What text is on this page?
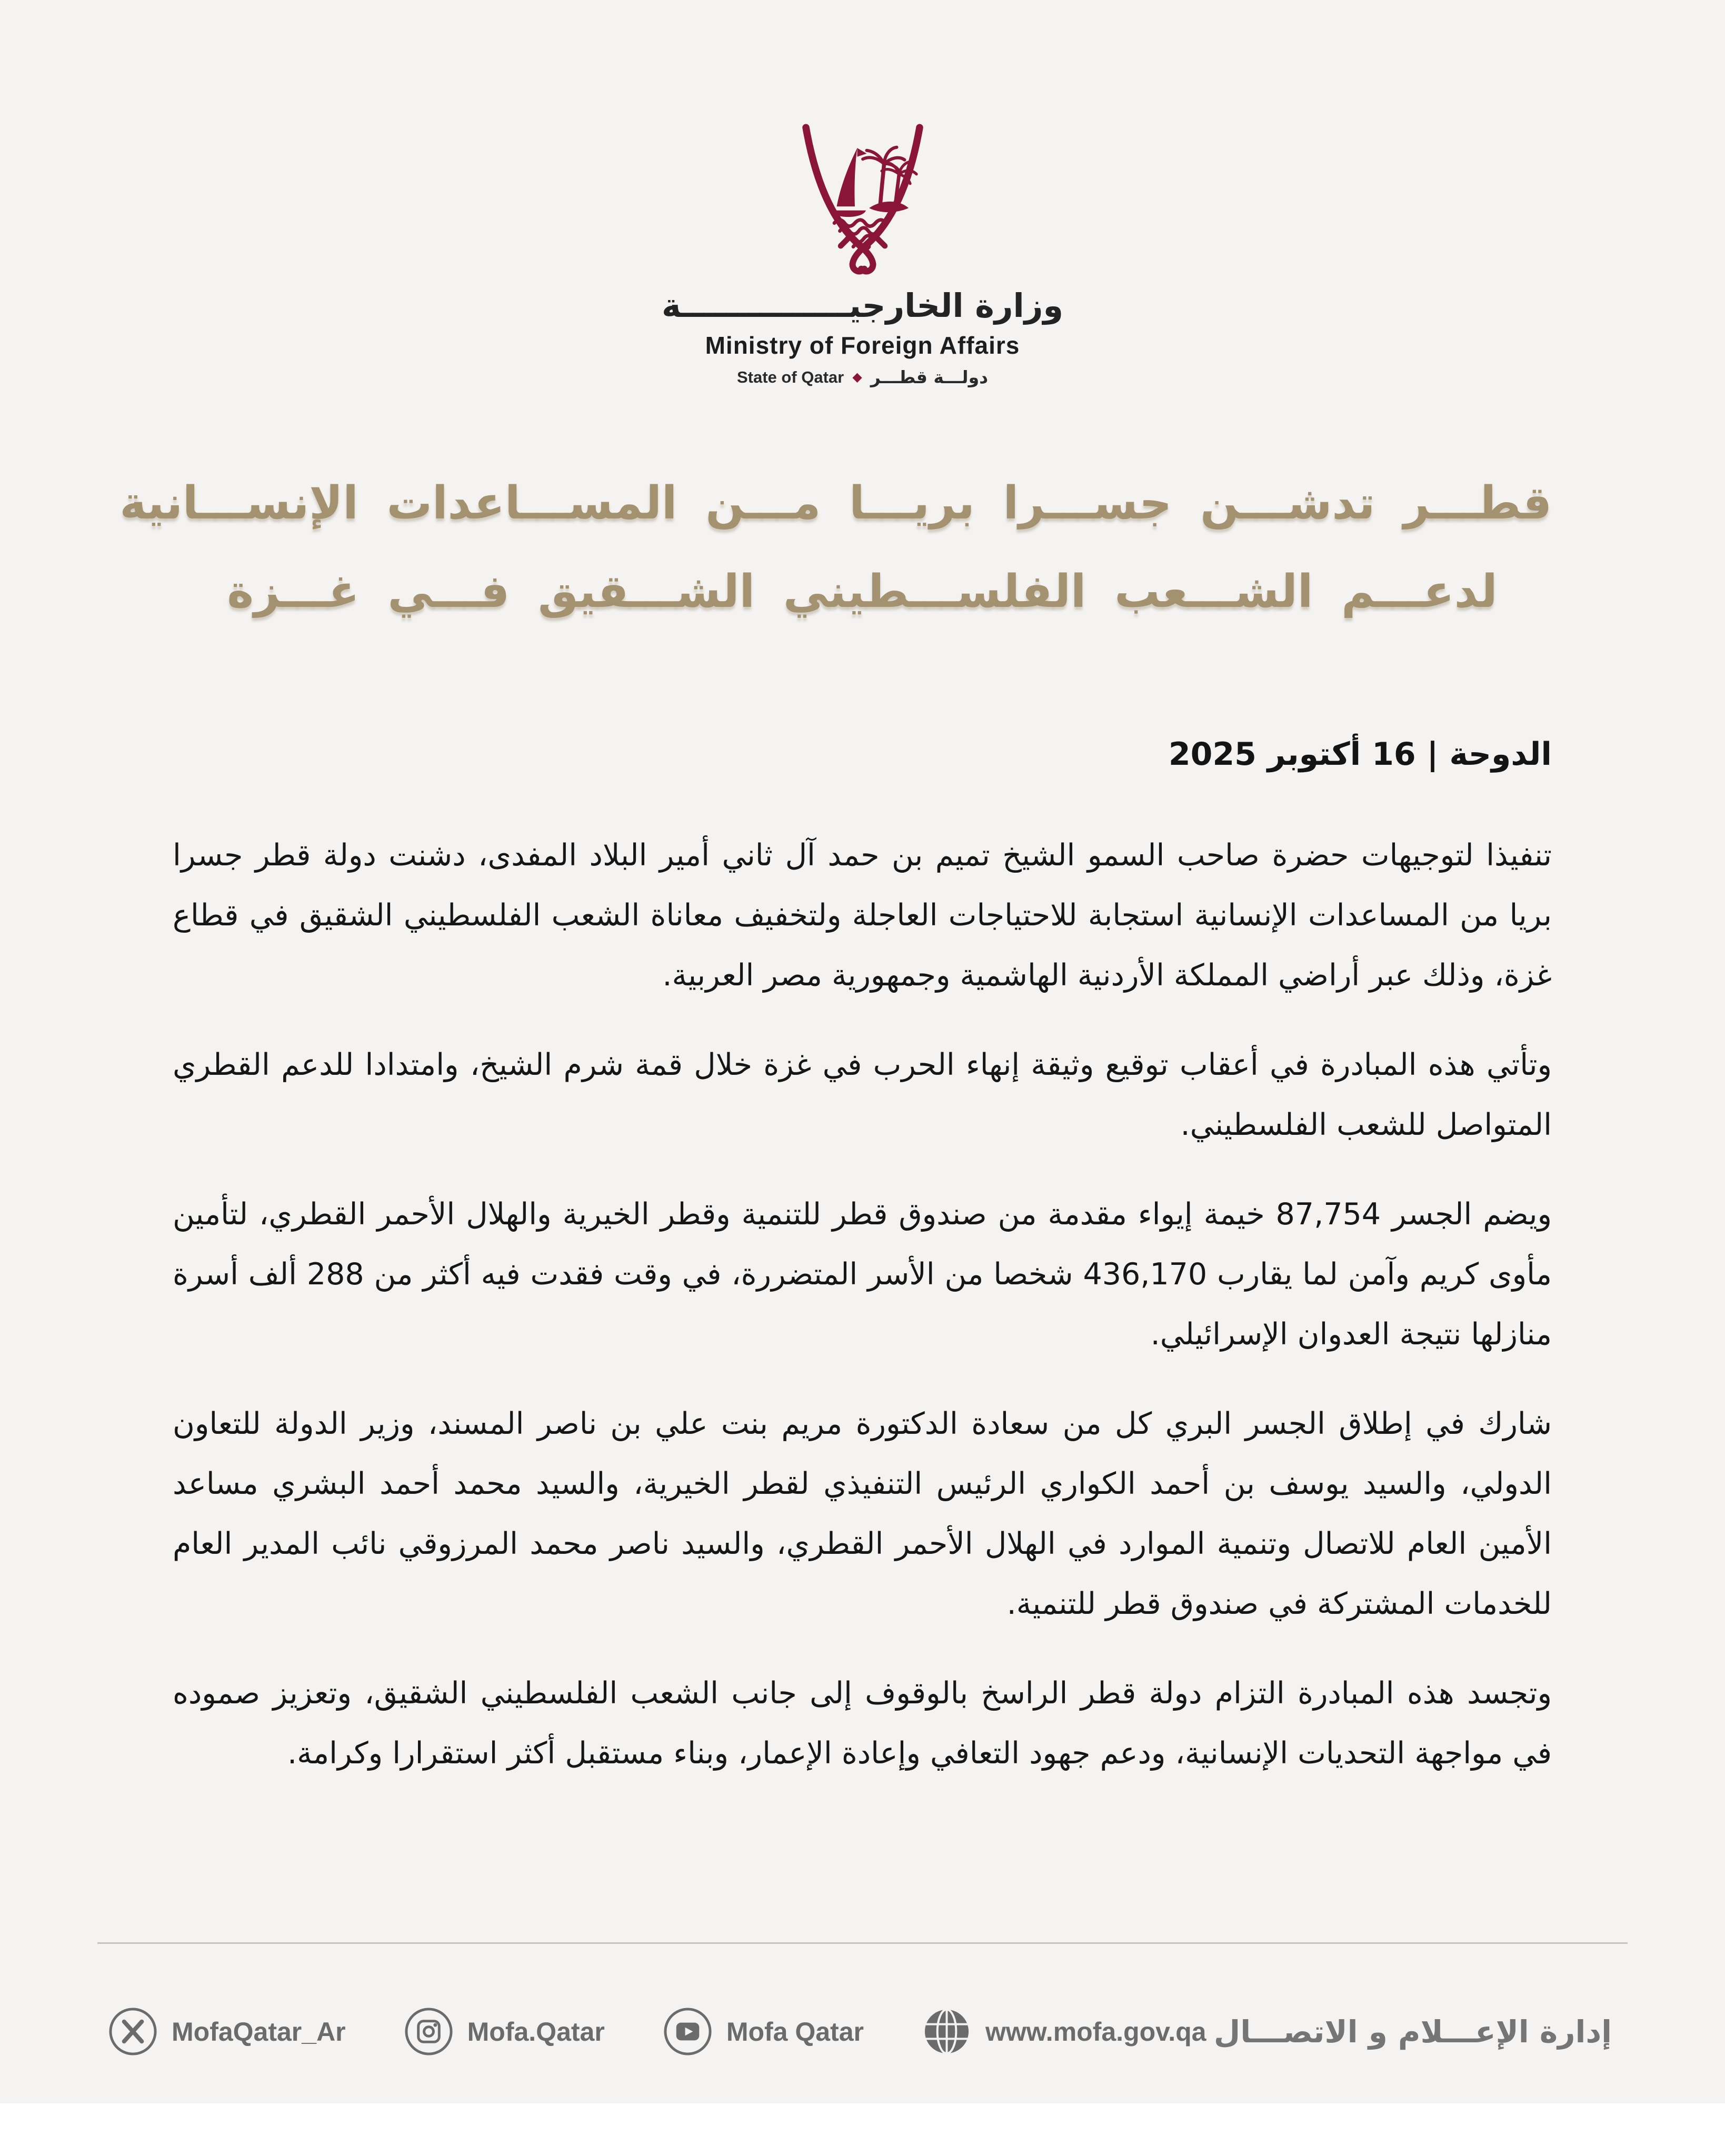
وزارة الخارجيـــــــــــــــة
Ministry of Foreign Affairs
State of Qatar ◆ دولـــة قطـــر
قطـــر تدشـــن جســـرا بريـــا مـــن المســـاعدات الإنســـانية
لدعـــم الشـــعب الفلســـطيني الشـــقيق فـــي غـــزة
الدوحة | 16 أكتوبر 2025

تنفيذا لتوجيهات حضرة صاحب السمو الشيخ تميم بن حمد آل ثاني أمير البلاد المفدى، دشنت دولة قطر جسرا بريا من المساعدات الإنسانية استجابة للاحتياجات العاجلة ولتخفيف معاناة الشعب الفلسطيني الشقيق في قطاع غزة، وذلك عبر أراضي المملكة الأردنية الهاشمية وجمهورية مصر العربية.

وتأتي هذه المبادرة في أعقاب توقيع وثيقة إنهاء الحرب في غزة خلال قمة شرم الشيخ، وامتدادا للدعم القطري المتواصل للشعب الفلسطيني.

ويضم الجسر 87,754 خيمة إيواء مقدمة من صندوق قطر للتنمية وقطر الخيرية والهلال الأحمر القطري، لتأمين مأوى كريم وآمن لما يقارب 436,170 شخصا من الأسر المتضررة، في وقت فقدت فيه أكثر من 288 ألف أسرة منازلها نتيجة العدوان الإسرائيلي.

شارك في إطلاق الجسر البري كل من سعادة الدكتورة مريم بنت علي بن ناصر المسند، وزير الدولة للتعاون الدولي، والسيد يوسف بن أحمد الكواري الرئيس التنفيذي لقطر الخيرية، والسيد محمد أحمد البشري مساعد الأمين العام للاتصال وتنمية الموارد في الهلال الأحمر القطري، والسيد ناصر محمد المرزوقي نائب المدير العام للخدمات المشتركة في صندوق قطر للتنمية.

وتجسد هذه المبادرة التزام دولة قطر الراسخ بالوقوف إلى جانب الشعب الفلسطيني الشقيق، وتعزيز صموده في مواجهة التحديات الإنسانية، ودعم جهود التعافي وإعادة الإعمار، وبناء مستقبل أكثر استقرارا وكرامة.

MofaQatar_Ar	Mofa.Qatar	Mofa Qatar	www.mofa.gov.qa إدارة الإعـــلام و الاتصـــال
